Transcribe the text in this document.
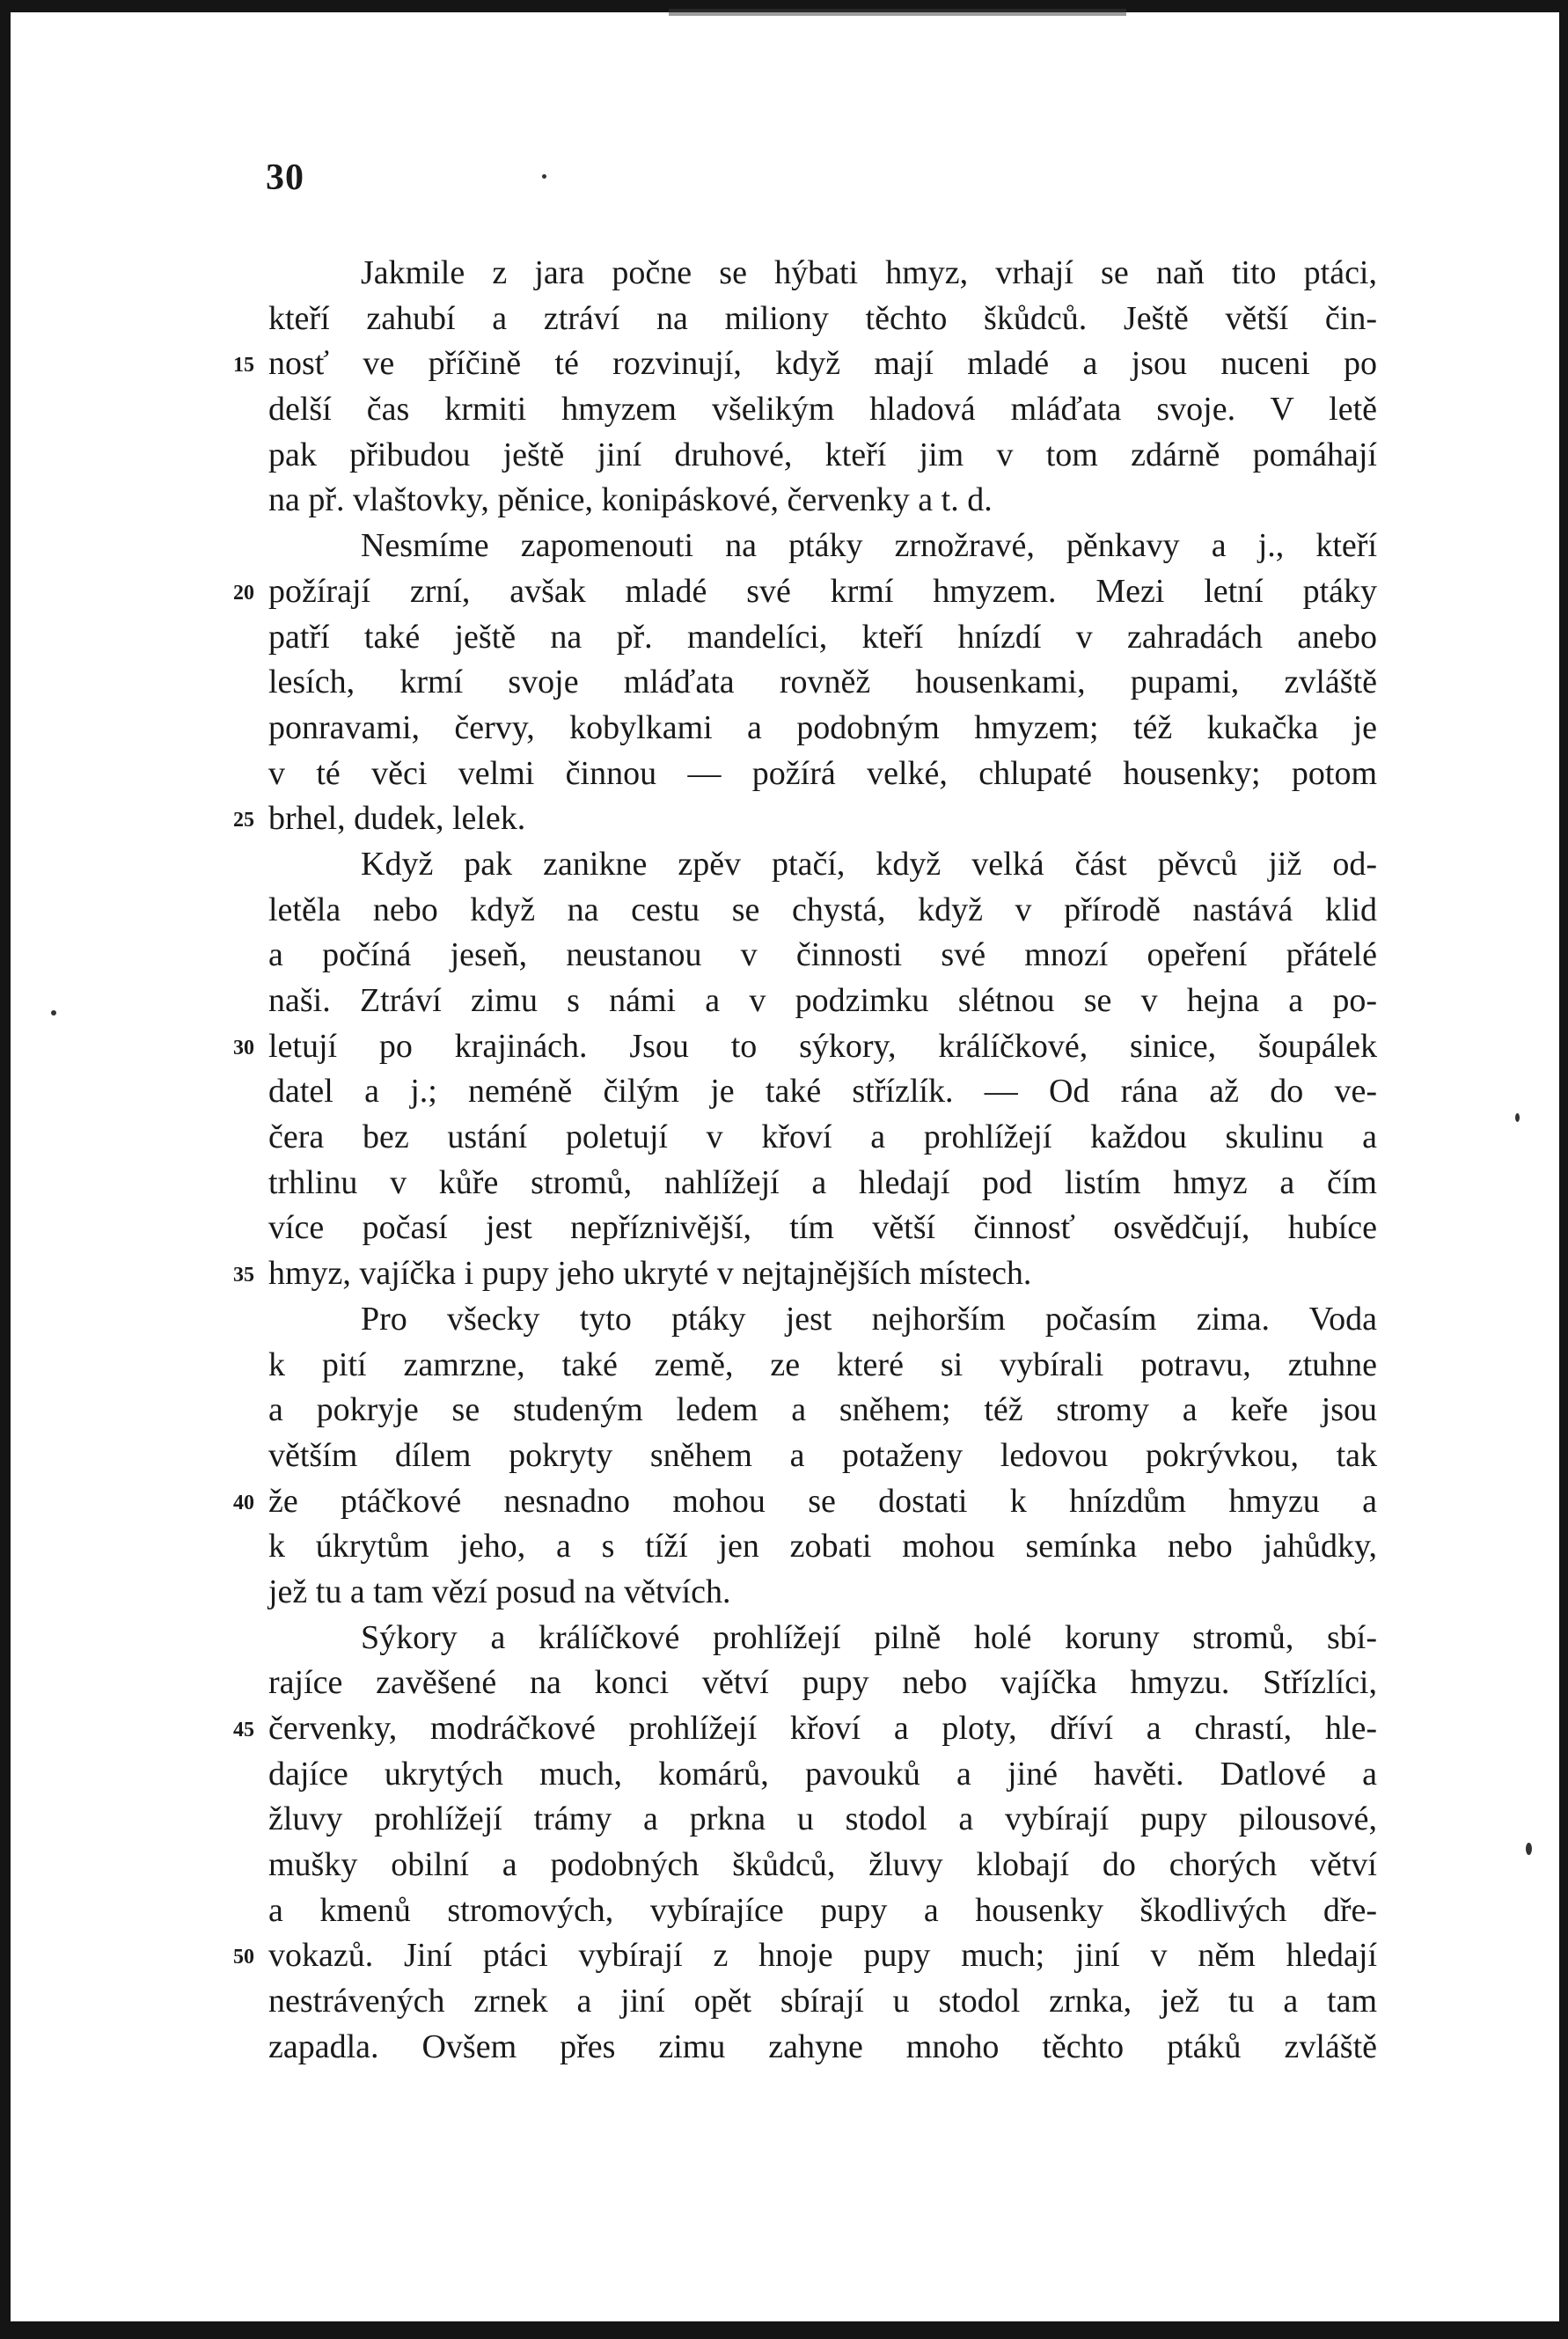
30
Jakmile z jara počne se hýbati hmyz, vrhají se naň tito ptáci,
kteří zahubí a ztráví na miliony těchto škůdců. Ještě větší čin-
nosť ve příčině té rozvinují, když mají mladé a jsou nuceni po
15
delší čas krmiti hmyzem všelikým hladová mláďata svoje. V letě
pak přibudou ještě jiní druhové, kteří jim v tom zdárně pomáhají
na př. vlaštovky, pěnice, konipáskové, červenky a t. d.
Nesmíme zapomenouti na ptáky zrnožravé, pěnkavy a j., kteří
požírají zrní, avšak mladé své krmí hmyzem. Mezi letní ptáky
20
patří také ještě na př. mandelíci, kteří hnízdí v zahradách anebo
lesích, krmí svoje mláďata rovněž housenkami, pupami, zvláště
ponravami, červy, kobylkami a podobným hmyzem; též kukačka je
v té věci velmi činnou — požírá velké, chlupaté housenky; potom
brhel, dudek, lelek.
25
Když pak zanikne zpěv ptačí, když velká část pěvců již od-
letěla nebo když na cestu se chystá, když v přírodě nastává klid
a počíná jeseň, neustanou v činnosti své mnozí opeření přátelé
naši. Ztráví zimu s námi a v podzimku slétnou se v hejna a po-
letují po krajinách. Jsou to sýkory, králíčkové, sinice, šoupálek
30
datel a j.; neméně čilým je také střízlík. — Od rána až do ve-
čera bez ustání poletují v křoví a prohlížejí každou skulinu a
trhlinu v kůře stromů, nahlížejí a hledají pod listím hmyz a čím
více počasí jest nepříznivější, tím větší činnosť osvědčují, hubíce
hmyz, vajíčka i pupy jeho ukryté v nejtajnějších místech.
35
Pro všecky tyto ptáky jest nejhorším počasím zima. Voda
k pití zamrzne, také země, ze které si vybírali potravu, ztuhne
a pokryje se studeným ledem a sněhem; též stromy a keře jsou
větším dílem pokryty sněhem a potaženy ledovou pokrývkou, tak
že ptáčkové nesnadno mohou se dostati k hnízdům hmyzu a
40
k úkrytům jeho, a s tíží jen zobati mohou semínka nebo jahůdky,
jež tu a tam vězí posud na větvích.
Sýkory a králíčkové prohlížejí pilně holé koruny stromů, sbí-
rajíce zavěšené na konci větví pupy nebo vajíčka hmyzu. Střízlíci,
červenky, modráčkové prohlížejí křoví a ploty, dříví a chrastí, hle-
45
dajíce ukrytých much, komárů, pavouků a jiné havěti. Datlové a
žluvy prohlížejí trámy a prkna u stodol a vybírají pupy pilousové,
mušky obilní a podobných škůdců, žluvy klobají do chorých větví
a kmenů stromových, vybírajíce pupy a housenky škodlivých dře-
vokazů. Jiní ptáci vybírají z hnoje pupy much; jiní v něm hledají
50
nestrávených zrnek a jiní opět sbírají u stodol zrnka, jež tu a tam
zapadla. Ovšem přes zimu zahyne mnoho těchto ptáků zvláště
